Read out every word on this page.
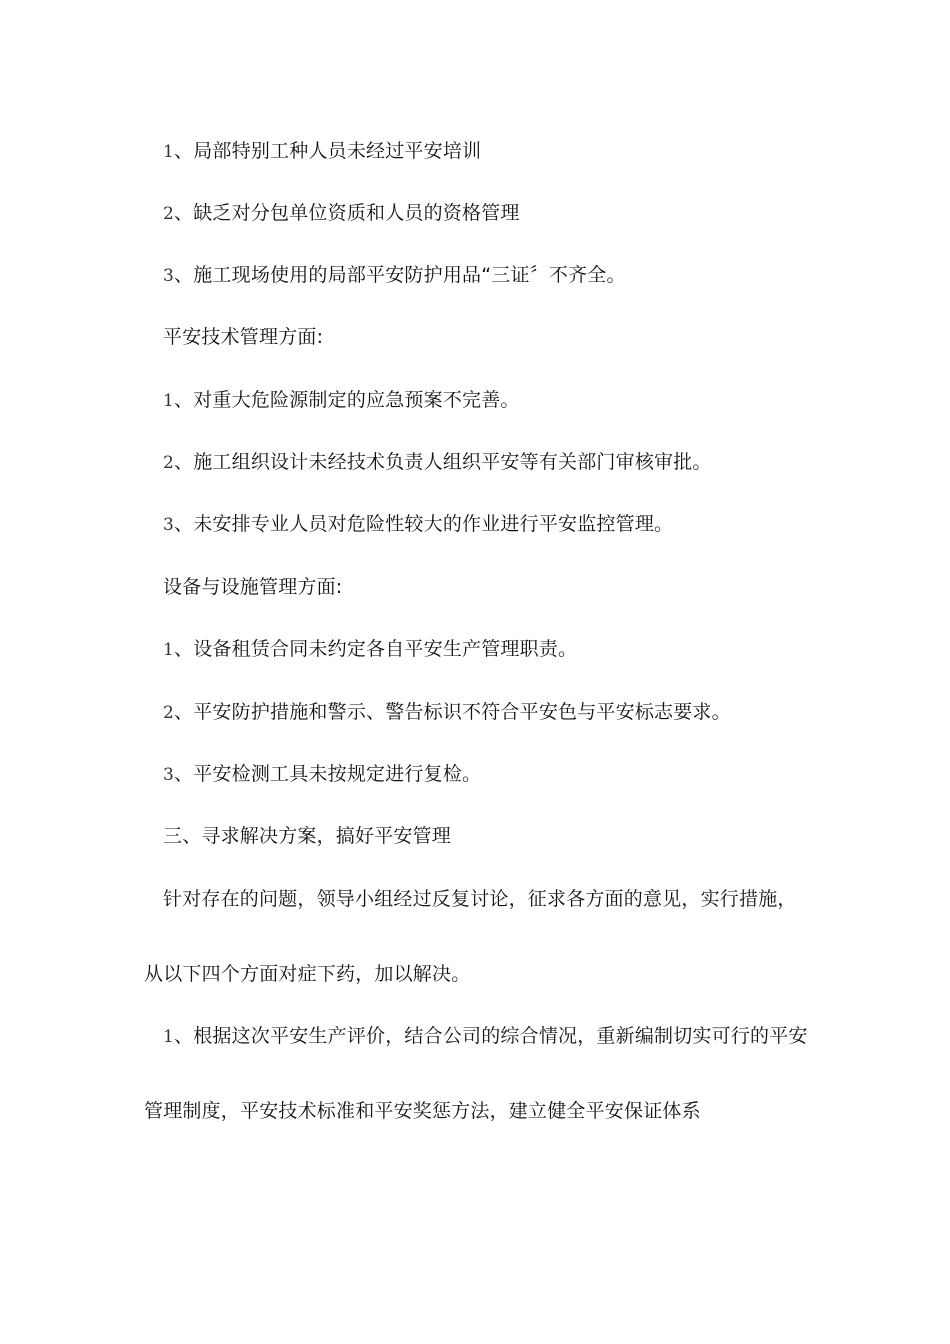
1、局部特别工种人员未经过平安培训
2、缺乏对分包单位资质和人员的资格管理
3、施工现场使用的局部平安防护用品“三证〞不齐全。
平安技术管理方面:
1、对重大危险源制定的应急预案不完善。
2、施工组织设计未经技术负责人组织平安等有关部门审核审批。
3、未安排专业人员对危险性较大的作业进行平安监控管理。
设备与设施管理方面:
1、设备租赁合同未约定各自平安生产管理职责。
2、平安防护措施和警示、警告标识不符合平安色与平安标志要求。
3、平安检测工具未按规定进行复检。
三、寻求解决方案，搞好平安管理
针对存在的问题，领导小组经过反复讨论，征求各方面的意见，实行措施，
从以下四个方面对症下药，加以解决。
1、根据这次平安生产评价，结合公司的综合情况，重新编制切实可行的平安
管理制度，平安技术标准和平安奖惩方法，建立健全平安保证体系
